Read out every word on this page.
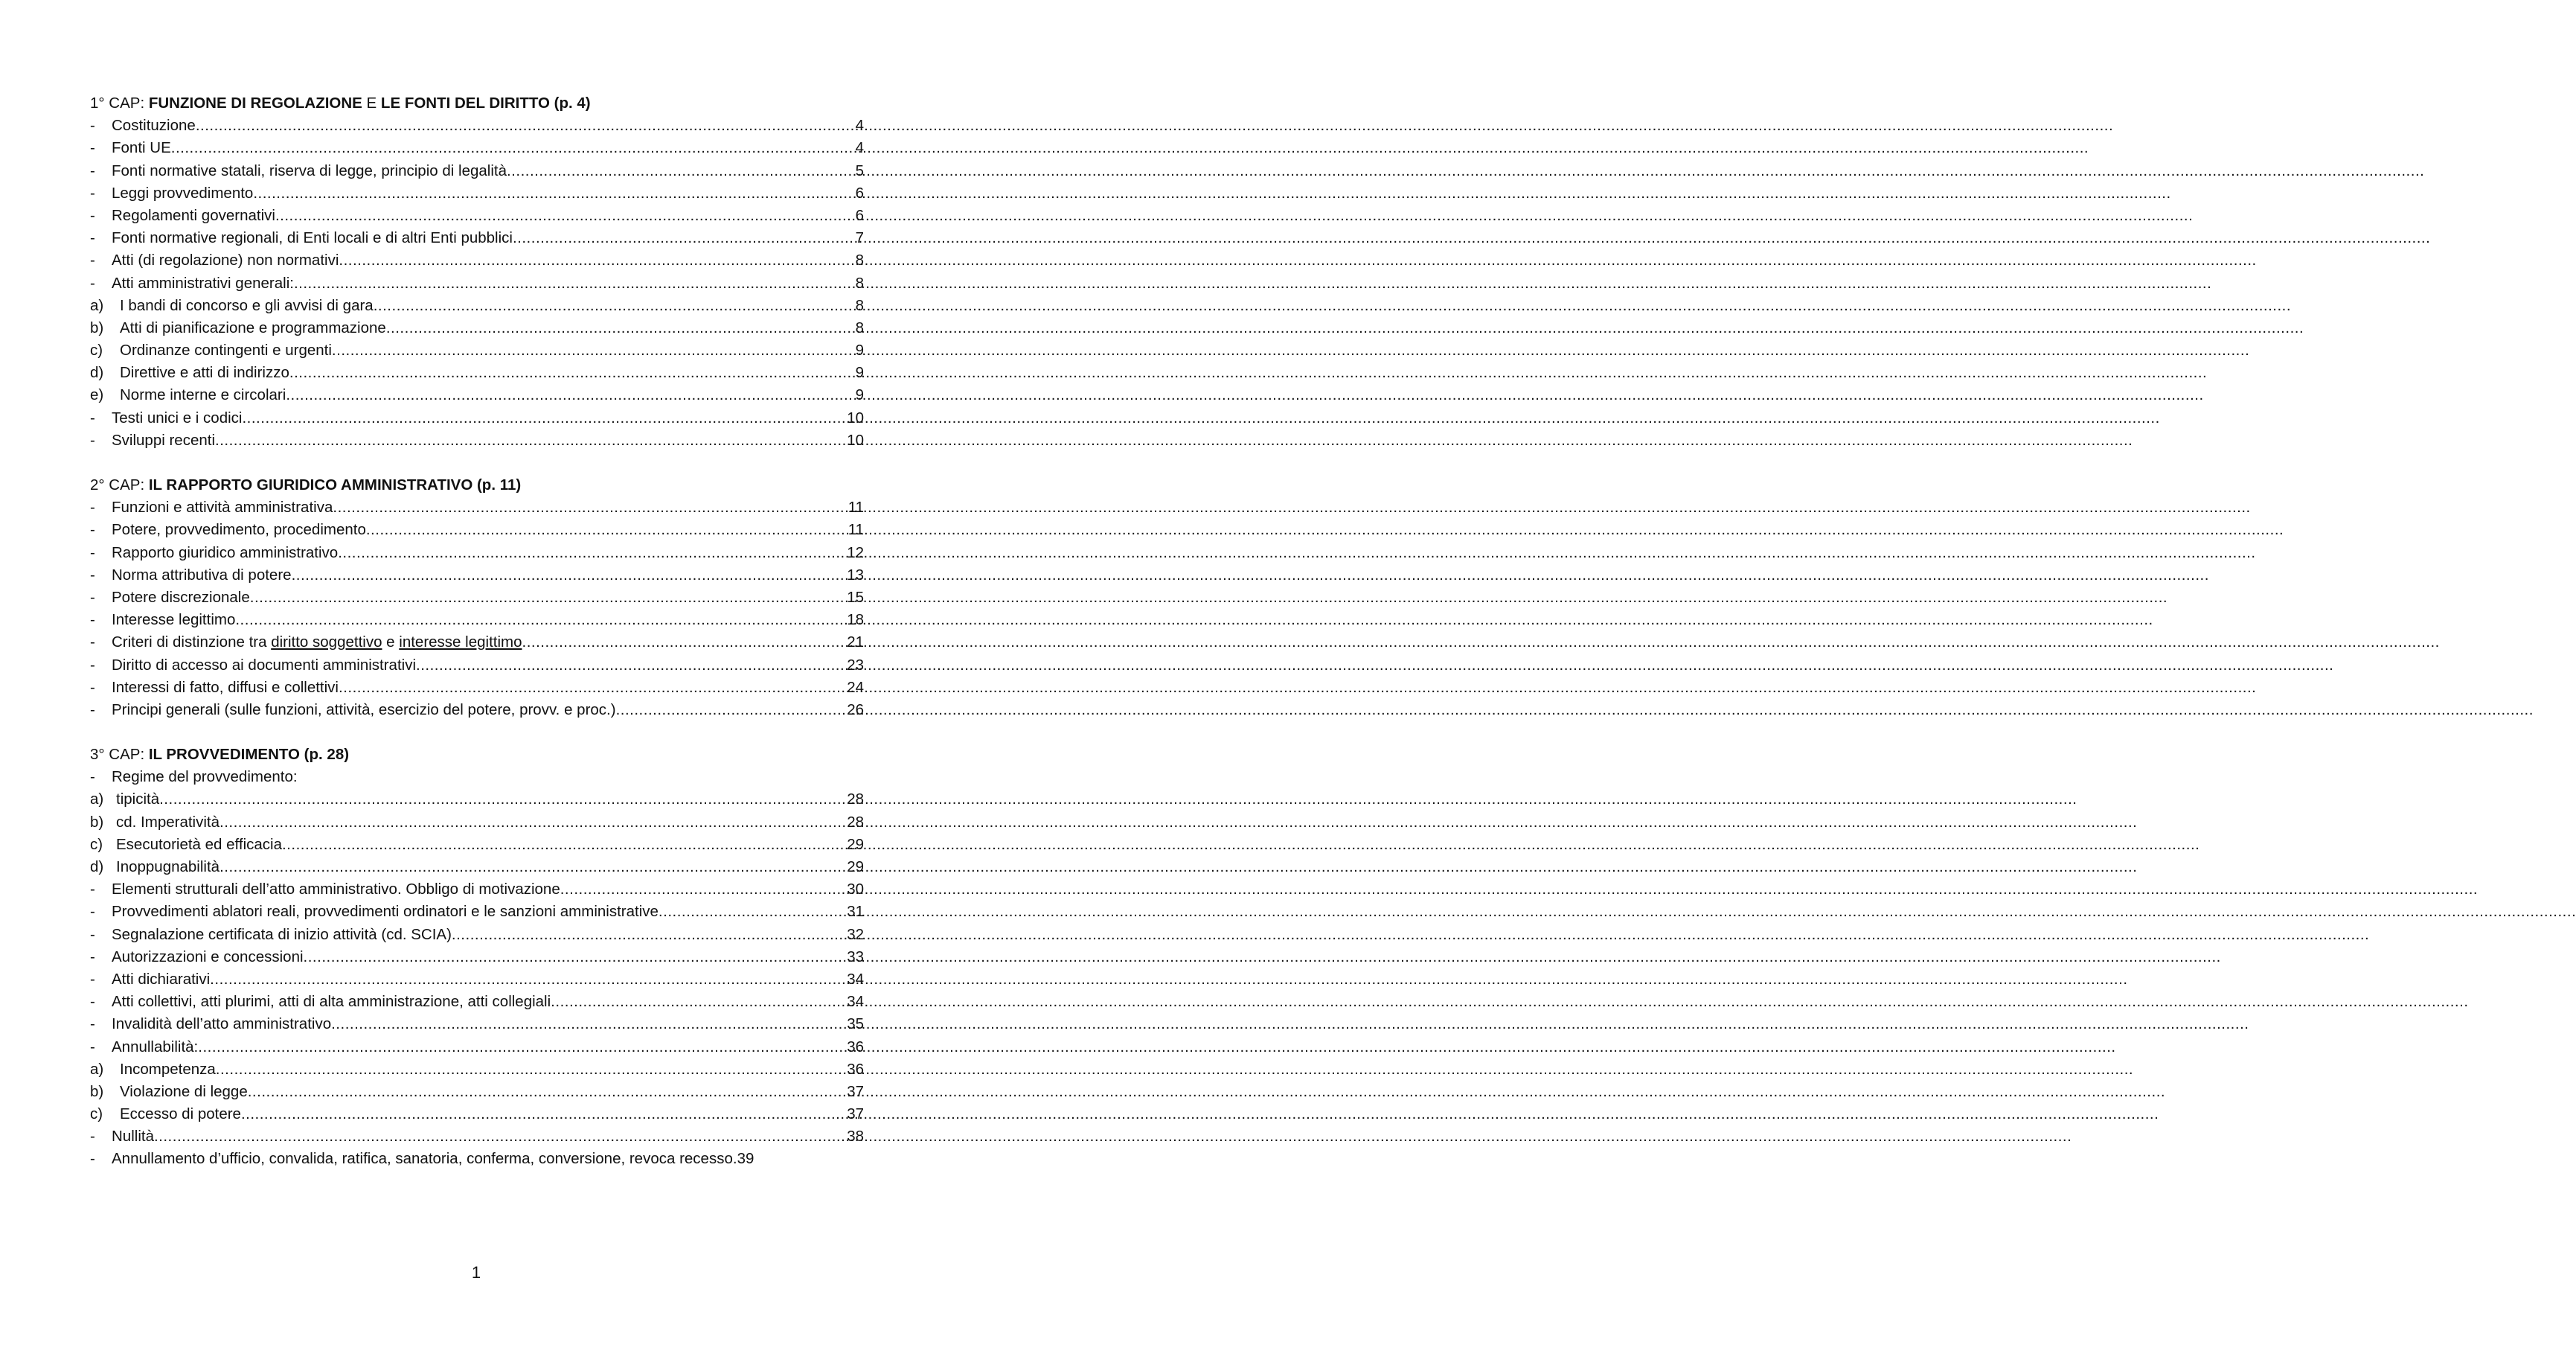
1° CAP: FUNZIONE DI REGOLAZIONE E LE FONTI DEL DIRITTO (p. 4)
-	Costituzione .....	4
-	Fonti UE .....	4
-	Fonti normative statali, riserva di legge, principio di legalità .....	5
-	Leggi provvedimento .....	6
-	Regolamenti governativi .....	6
-	Fonti normative regionali, di Enti locali e di altri Enti pubblici .....	7
-	Atti (di regolazione) non normativi .....	8
-	Atti amministrativi generali: .....	8
a)	I bandi di concorso e gli avvisi di gara .....	8
b)	Atti di pianificazione e programmazione .....	8
c)	Ordinanze contingenti e urgenti .....	9
d)	Direttive e atti di indirizzo .....	9
e)	Norme interne e circolari .....	9
-	Testi unici e i codici .....	10
-	Sviluppi recenti .....	10
2° CAP: IL RAPPORTO GIURIDICO AMMINISTRATIVO (p. 11)
-	Funzioni e attività amministrativa .....	11
-	Potere, provvedimento, procedimento .....	11
-	Rapporto giuridico amministrativo .....	12
-	Norma attributiva di potere .....	13
-	Potere discrezionale .....	15
-	Interesse legittimo .....	18
-	Criteri di distinzione tra diritto soggettivo e interesse legittimo .....	21
-	Diritto di accesso ai documenti amministrativi .....	23
-	Interessi di fatto, diffusi e collettivi .....	24
-	Principi generali (sulle funzioni, attività, esercizio del potere, provv. e proc.) .....	26
3° CAP: IL PROVVEDIMENTO (p. 28)
-	Regime del provvedimento:
a) tipicità .....	28
b) cd. Imperatività .....	28
c) Esecutorietà ed efficacia .....	29
d) Inoppugnabilità .....	29
-	Elementi strutturali dell’atto amministrativo. Obbligo di motivazione .....	30
-	Provvedimenti ablatori reali, provvedimenti ordinatori e le sanzioni amministrative .....	31
-	Segnalazione certificata di inizio attività (cd. SCIA) .....	32
-	Autorizzazioni e concessioni .....	33
-	Atti dichiarativi .....	34
-	Atti collettivi, atti plurimi, atti di alta amministrazione, atti collegiali .....	34
-	Invalidità dell’atto amministrativo .....	35
-	Annullabilità: .....	36
a)	Incompetenza .....	36
b)	Violazione di legge .....	37
c)	Eccesso di potere .....	37
-	Nullità .....	38
-	Annullamento d’ufficio, convalida, ratifica, sanatoria, conferma, conversione, revoca recesso. 39
1
